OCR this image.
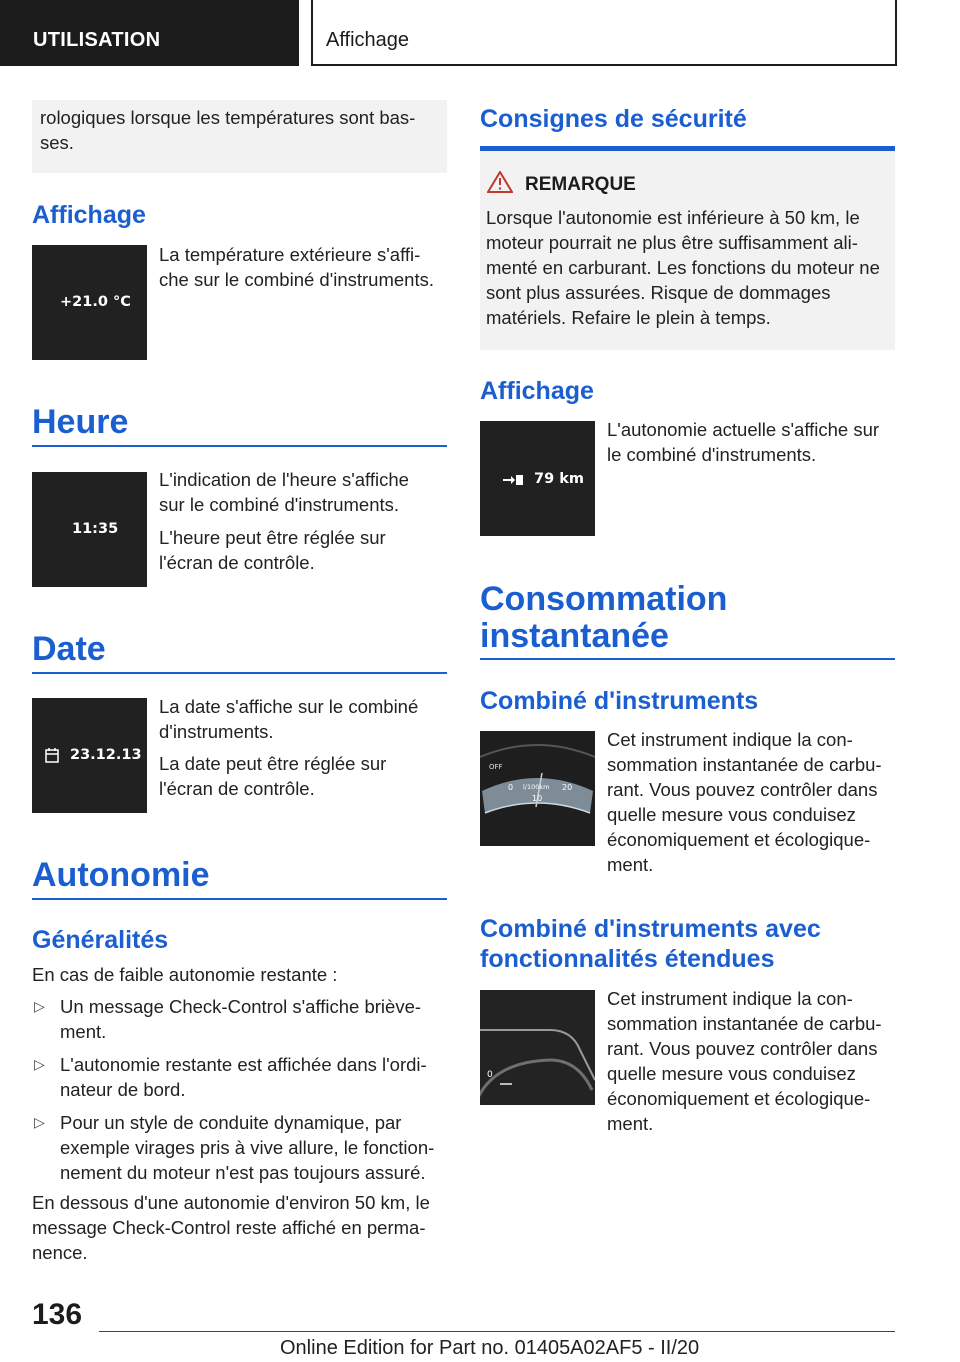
UTILISATION	Affichage
rologiques lorsque les températures sont bas-ses.
Affichage
+21.0 °C
La température extérieure s'affi-che sur le combiné d'instruments.
Heure
11:35
L'indication de l'heure s'affiche sur le combiné d'instruments.
L'heure peut être réglée sur l'écran de contrôle.
Date
23.12.13
La date s'affiche sur le combiné d'instruments.
La date peut être réglée sur l'écran de contrôle.
Autonomie
Généralités
En cas de faible autonomie restante :
▷ Un message Check-Control s'affiche briève-ment.
▷ L'autonomie restante est affichée dans l'ordi-nateur de bord.
▷ Pour un style de conduite dynamique, par exemple virages pris à vive allure, le fonction-nement du moteur n'est pas toujours assuré.
En dessous d'une autonomie d'environ 50 km, le message Check-Control reste affiché en perma-nence.
Consignes de sécurité
REMARQUE
Lorsque l'autonomie est inférieure à 50 km, le moteur pourrait ne plus être suffisamment ali-menté en carburant. Les fonctions du moteur ne sont plus assurées. Risque de dommages matériels. Refaire le plein à temps.
Affichage
79 km
L'autonomie actuelle s'affiche sur le combiné d'instruments.
Consommation
instantanée
Combiné d'instruments
OFF
0
10
20
l/100km
Cet instrument indique la con-sommation instantanée de carbu-rant. Vous pouvez contrôler dans quelle mesure vous conduisez économiquement et écologique-ment.
Combiné d'instruments avec
fonctionnalités étendues
0
Cet instrument indique la con-sommation instantanée de carbu-rant. Vous pouvez contrôler dans quelle mesure vous conduisez économiquement et écologique-ment.
136
Online Edition for Part no. 01405A02AF5 - II/20
